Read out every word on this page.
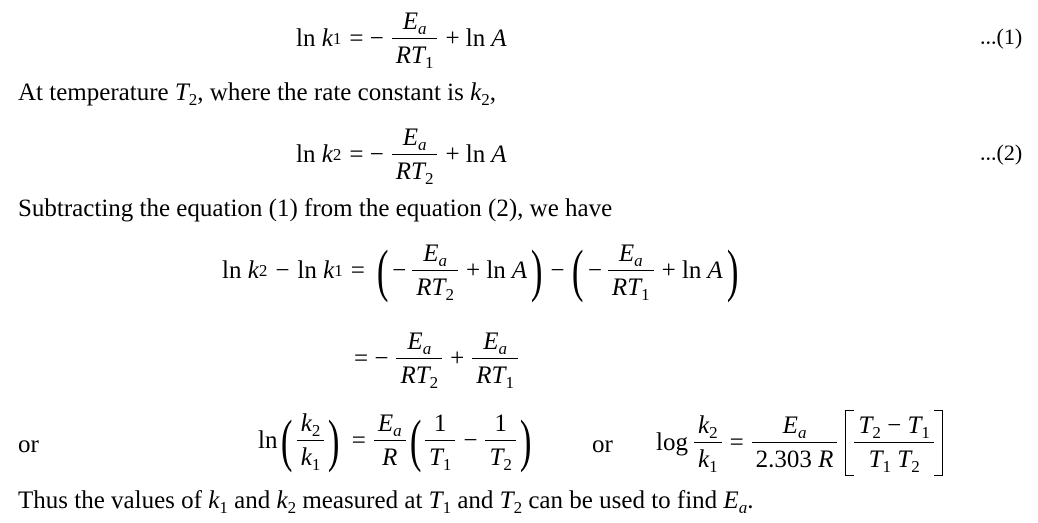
ln
k 1 = − $\frac{E_a}{RT_1} + \ln A$	...(1)
At temperature $T_2$, where the rate constant is $k_2$,
ln
k 2 = − $\frac{E_a}{RT_2} + \ln A$	...(2)
Subtracting the equation (1) from the equation (2), we have
ln
k 2 − ln
k 1 = ( − $\frac{E_a}{RT_2} + \ln A$ ) − ( − $\frac{E_a}{RT_1} + \ln A$ )
= − $\frac{E_a}{RT_2} + \frac{E_a}{RT_1}$
or	ln ( $\frac{k_2}{k_1}$ ) = $\frac{E_a}{R}$ ( $\frac{1}{T_1} - \frac{1}{T_2}$ ) or $\log \frac{k_2}{k_1} = \frac{E_a}{2.303 R} \frac{T_2 - T_1}{T_1 T_2}$
Thus the values of $k_1$ and $k_2$ measured at $T_1$ and $T_2$ can be used to find $E_a$.
